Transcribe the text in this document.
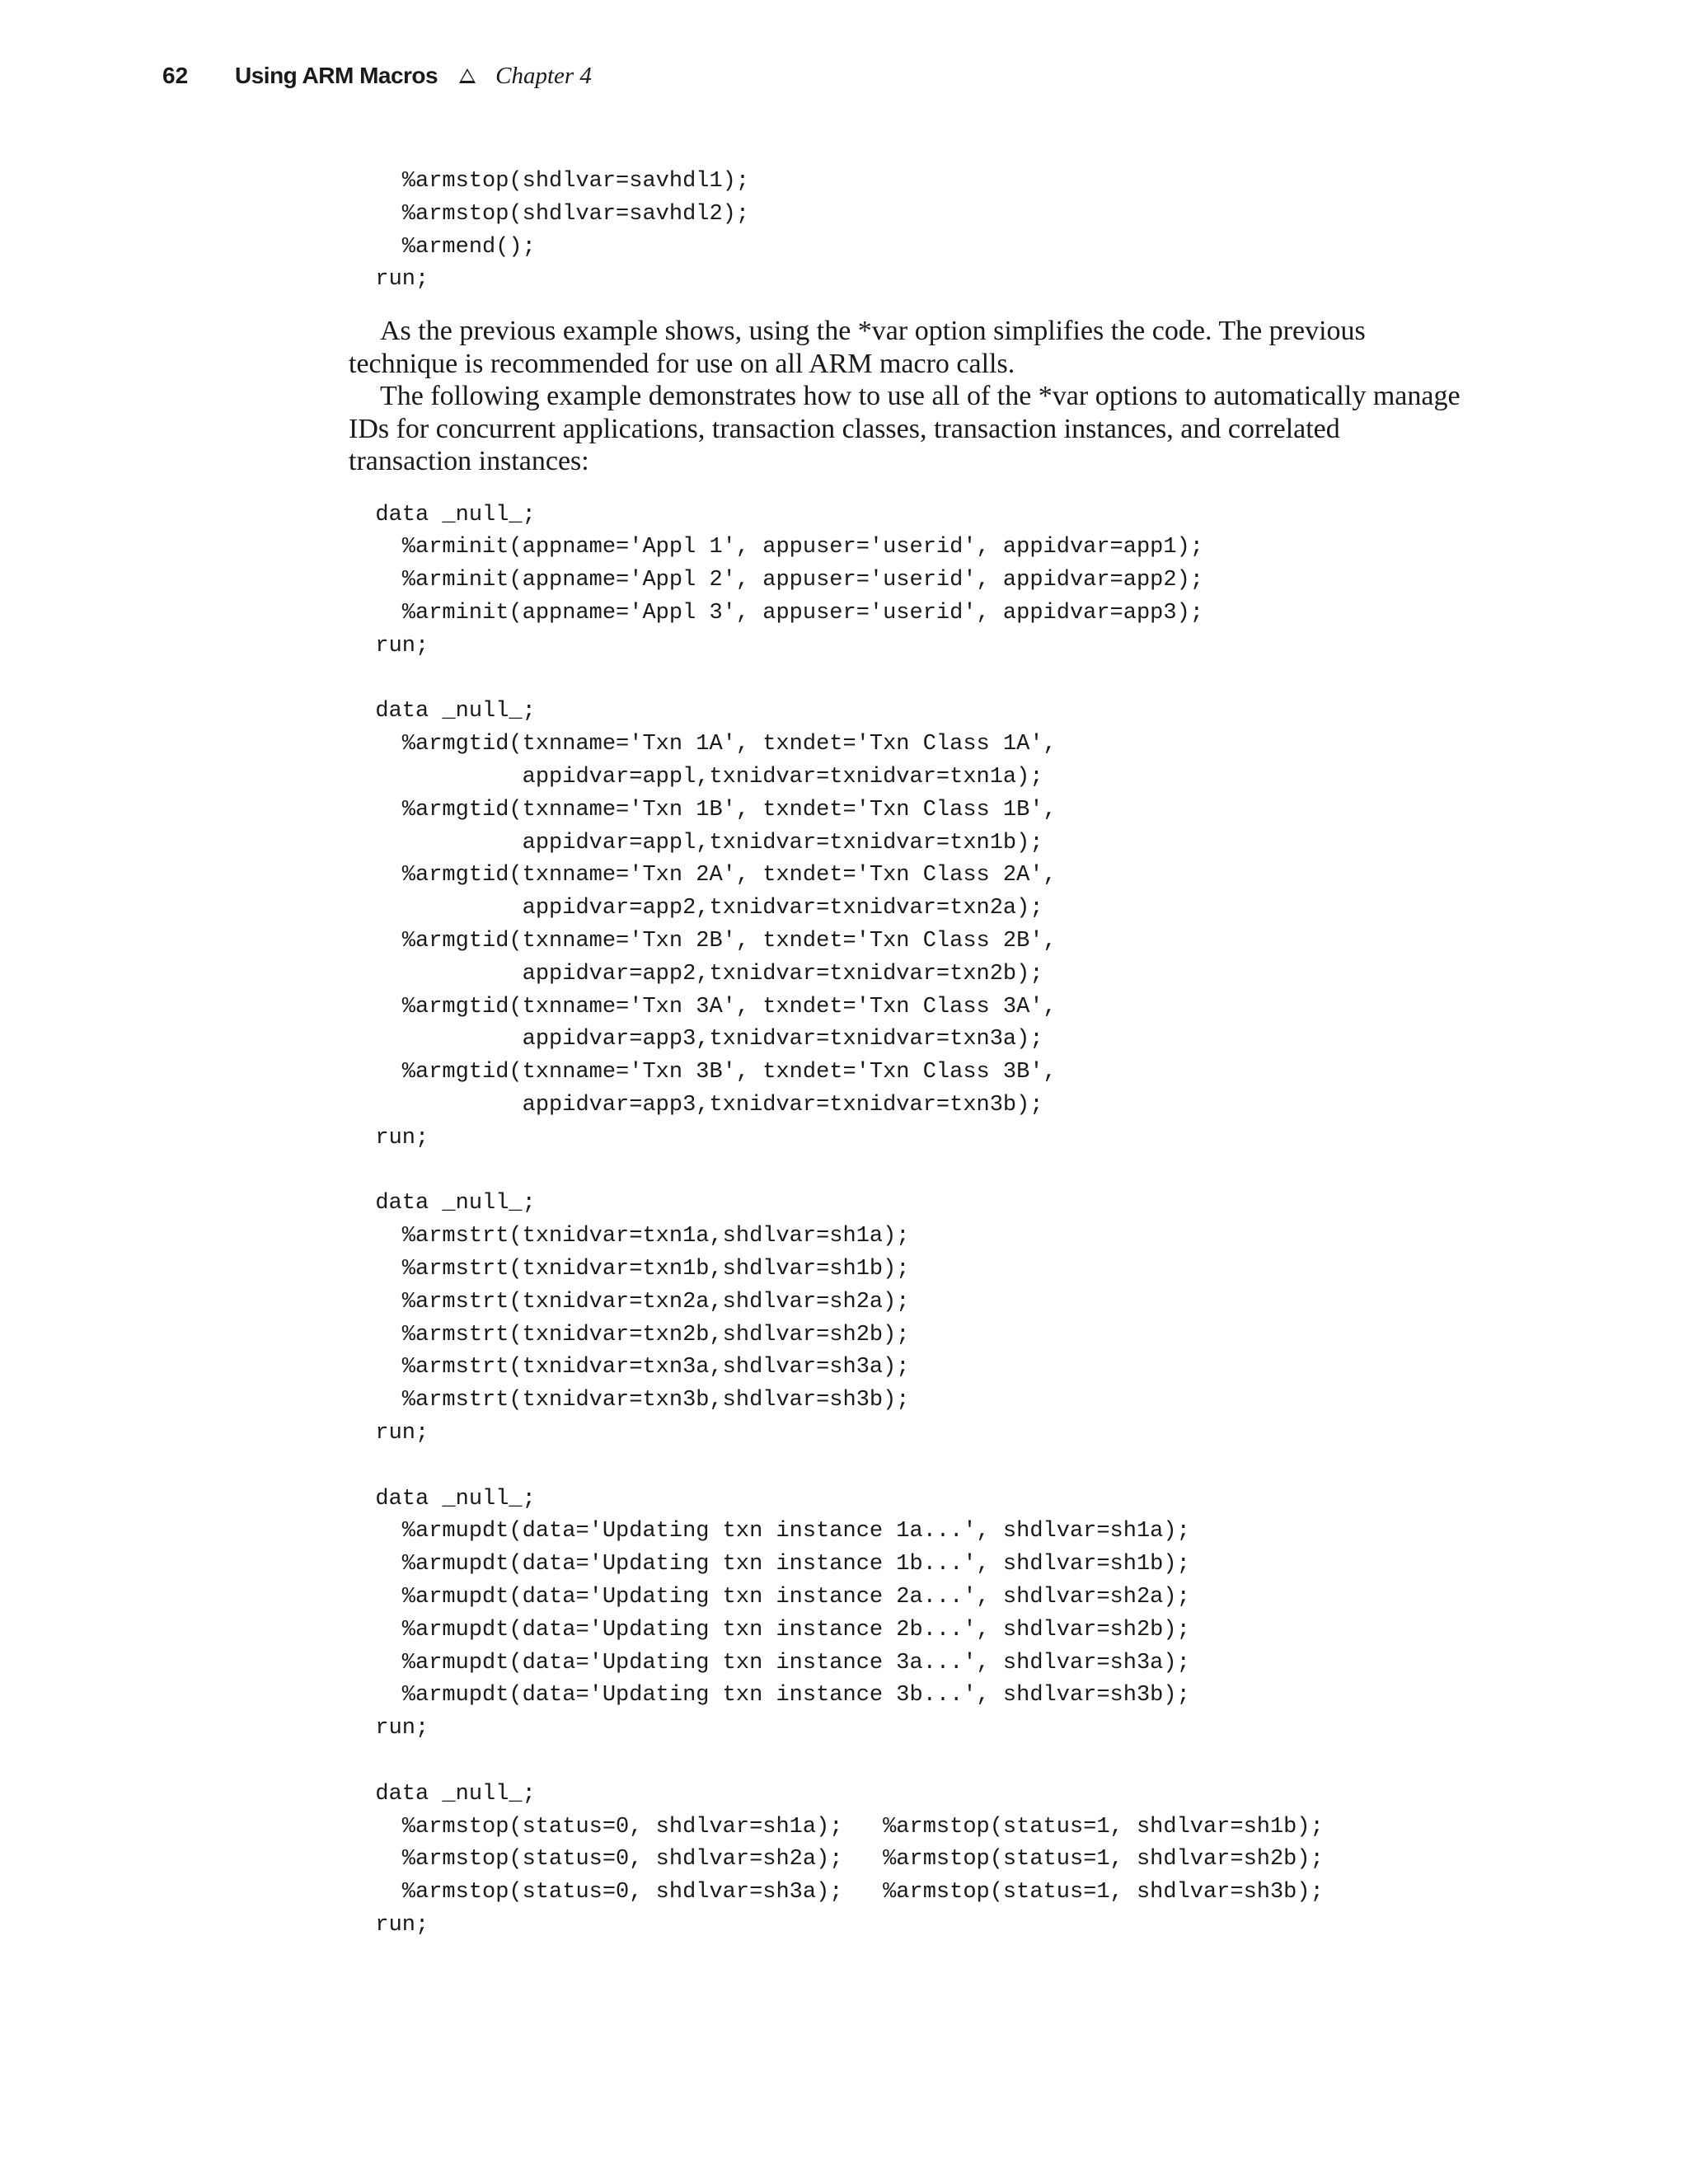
62	Using ARM Macros Chapter 4
%armstop(shdlvar=savhdl1);
%armstop(shdlvar=savhdl2);
%armend();
run;

As the previous example shows, using the *var option simplifies the code. The previous technique is recommended for use on all ARM macro calls.

The following example demonstrates how to use all of the *var options to automatically manage IDs for concurrent applications, transaction classes, transaction instances, and correlated transaction instances:

data _null_;
%arminit(appname='Appl 1', appuser='userid', appidvar=app1);
%arminit(appname='Appl 2', appuser='userid', appidvar=app2);
%arminit(appname='Appl 3', appuser='userid', appidvar=app3);
run;
data _null_;
%armgtid(txnname='Txn 1A', txndet='Txn Class 1A',
appidvar=appl,txnidvar=txnidvar=txn1a);
%armgtid(txnname='Txn 1B', txndet='Txn Class 1B',
appidvar=appl,txnidvar=txnidvar=txn1b);
%armgtid(txnname='Txn 2A', txndet='Txn Class 2A',
appidvar=app2,txnidvar=txnidvar=txn2a);
%armgtid(txnname='Txn 2B', txndet='Txn Class 2B',
appidvar=app2,txnidvar=txnidvar=txn2b);
%armgtid(txnname='Txn 3A', txndet='Txn Class 3A',
appidvar=app3,txnidvar=txnidvar=txn3a);
%armgtid(txnname='Txn 3B', txndet='Txn Class 3B',
appidvar=app3,txnidvar=txnidvar=txn3b);
run;
data _null_;
%armstrt(txnidvar=txn1a,shdlvar=sh1a);
%armstrt(txnidvar=txn1b,shdlvar=sh1b);
%armstrt(txnidvar=txn2a,shdlvar=sh2a);
%armstrt(txnidvar=txn2b,shdlvar=sh2b);
%armstrt(txnidvar=txn3a,shdlvar=sh3a);
%armstrt(txnidvar=txn3b,shdlvar=sh3b);
run;
data _null_;
%armupdt(data='Updating txn instance 1a...', shdlvar=sh1a);
%armupdt(data='Updating txn instance 1b...', shdlvar=sh1b);
%armupdt(data='Updating txn instance 2a...', shdlvar=sh2a);
%armupdt(data='Updating txn instance 2b...', shdlvar=sh2b);
%armupdt(data='Updating txn instance 3a...', shdlvar=sh3a);
%armupdt(data='Updating txn instance 3b...', shdlvar=sh3b);
run;
data _null_;
%armstop(status=0, shdlvar=sh1a);   %armstop(status=1, shdlvar=sh1b);
%armstop(status=0, shdlvar=sh2a);   %armstop(status=1, shdlvar=sh2b);
%armstop(status=0, shdlvar=sh3a);   %armstop(status=1, shdlvar=sh3b);
run;
